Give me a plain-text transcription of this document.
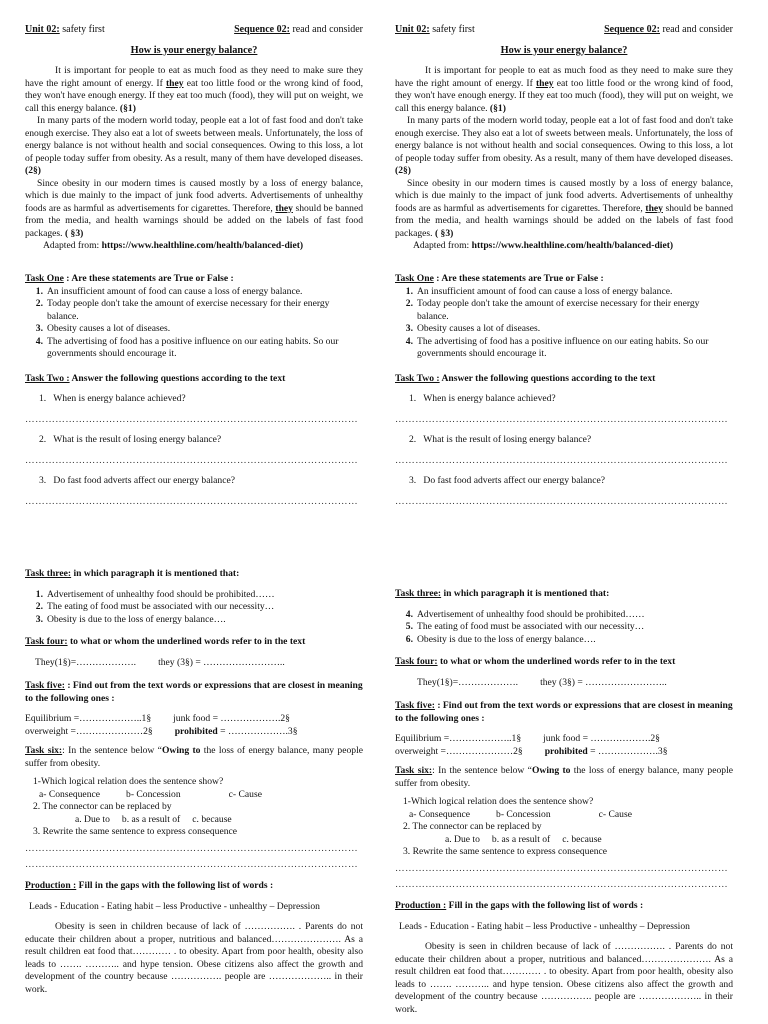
Unit 02: safety first	Sequence 02: read and consider
How is your energy balance?

It is important for people to eat as much food as they need to make sure they have the right amount of energy. If they eat too little food or the wrong kind of food, they won't have enough energy. If they eat too much (food), they will put on weight, we call this energy balance. (§1)

In many parts of the modern world today, people eat a lot of fast food and don't take enough exercise. They also eat a lot of sweets between meals. Unfortunately, the loss of energy balance is not without health and social consequences. Owing to this loss, a lot of people today suffer from obesity. As a result, many of them have developed diseases. (2§)

Since obesity in our modern times is caused mostly by a loss of energy balance, which is due mainly to the impact of junk food adverts. Advertisements of unhealthy foods are as harmful as advertisements for cigarettes. Therefore, they should be banned from the media, and health warnings should be added on the labels of fast food packages. ( §3)

Adapted from: https://www.healthline.com/health/balanced-diet)
Task One : Are these statements are True or False :
1. An insufficient amount of food can cause a loss of energy balance.
2. Today people don't take the amount of exercise necessary for their energy balance.
3. Obesity causes a lot of diseases.
4. The advertising of food has a positive influence on our eating habits. So our governments should encourage it.
Task Two : Answer the following questions according to the text
1.   When is energy balance achieved?
………………………………………………………………………………………
2.   What is the result of losing energy balance?
………………………………………………………………………………………
3.   Do fast food adverts affect our energy balance?
………………………………………………………………………………………
Task three: in which paragraph it is mentioned that:
1. Advertisement of unhealthy food should be prohibited……
2. The eating of food must be associated with our necessity…
3. Obesity is due to the loss of energy balance….
Task four: to what or whom the underlined words refer to in the text
They(1§)=………………. they (3§) = ……………………..
Task five: : Find out from the text words or expressions that are closest in meaning to the following ones :
Equilibrium =………………..1§ junk food = ……………….2§
overweight =…………………2§ prohibited = ……………….3§

Task six:: In the sentence below “Owing to the loss of energy balance, many people suffer from obesity.

1-Which logical relation does the sentence show?
a- Consequence	b- Concession	c- Cause
2. The connector can be replaced by
a. Due to b. as a result of c. because
3. Rewrite the same sentence to express consequence
………………………………………………………………………………………
………………………………………………………………………………………
Production : Fill in the gaps with the following list of words :

Leads - Education - Eating habit – less Productive - unhealthy – Depression

Obesity is seen in children because of lack of ……………. . Parents do not educate their children about a proper, nutritious and balanced…………………. As a result children eat food that………… . to obesity. Apart from poor health, obesity also leads to ……. ……….. and hype tension. Obese citizens also affect the growth and development of the country because ……………. people are ……………….. in their work.

Unit 02: safety first	Sequence 02: read and consider
How is your energy balance?

It is important for people to eat as much food as they need to make sure they have the right amount of energy. If they eat too little food or the wrong kind of food, they won't have enough energy. If they eat too much (food), they will put on weight, we call this energy balance. (§1)

In many parts of the modern world today, people eat a lot of fast food and don't take enough exercise. They also eat a lot of sweets between meals. Unfortunately, the loss of energy balance is not without health and social consequences. Owing to this loss, a lot of people today suffer from obesity. As a result, many of them have developed diseases. (2§)

Since obesity in our modern times is caused mostly by a loss of energy balance, which is due mainly to the impact of junk food adverts. Advertisements of unhealthy foods are as harmful as advertisements for cigarettes. Therefore, they should be banned from the media, and health warnings should be added on the labels of fast food packages. ( §3)

Adapted from: https://www.healthline.com/health/balanced-diet)
Task One : Are these statements are True or False :
1. An insufficient amount of food can cause a loss of energy balance.
2. Today people don't take the amount of exercise necessary for their energy balance.
3. Obesity causes a lot of diseases.
4. The advertising of food has a positive influence on our eating habits. So our governments should encourage it.
Task Two : Answer the following questions according to the text
1.   When is energy balance achieved?
………………………………………………………………………………………
2.   What is the result of losing energy balance?
………………………………………………………………………………………
3.   Do fast food adverts affect our energy balance?
………………………………………………………………………………………
Task three: in which paragraph it is mentioned that:
4. Advertisement of unhealthy food should be prohibited……
5. The eating of food must be associated with our necessity…
6. Obesity is due to the loss of energy balance….
Task four: to what or whom the underlined words refer to in the text
They(1§)=………………. they (3§) = ……………………..
Task five: : Find out from the text words or expressions that are closest in meaning to the following ones :
Equilibrium =………………..1§ junk food = ……………….2§
overweight =…………………2§ prohibited = ……………….3§

Task six:: In the sentence below “Owing to the loss of energy balance, many people suffer from obesity.

1-Which logical relation does the sentence show?
a- Consequence	b- Concession	c- Cause
2. The connector can be replaced by
a. Due to b. as a result of c. because
3. Rewrite the same sentence to express consequence
………………………………………………………………………………………
………………………………………………………………………………………
Production : Fill in the gaps with the following list of words :

Leads - Education - Eating habit – less Productive - unhealthy – Depression

Obesity is seen in children because of lack of ……………. . Parents do not educate their children about a proper, nutritious and balanced…………………. As a result children eat food that………… . to obesity. Apart from poor health, obesity also leads to ……. ……….. and hype tension. Obese citizens also affect the growth and development of the country because ……………. people are ……………….. in their work.
